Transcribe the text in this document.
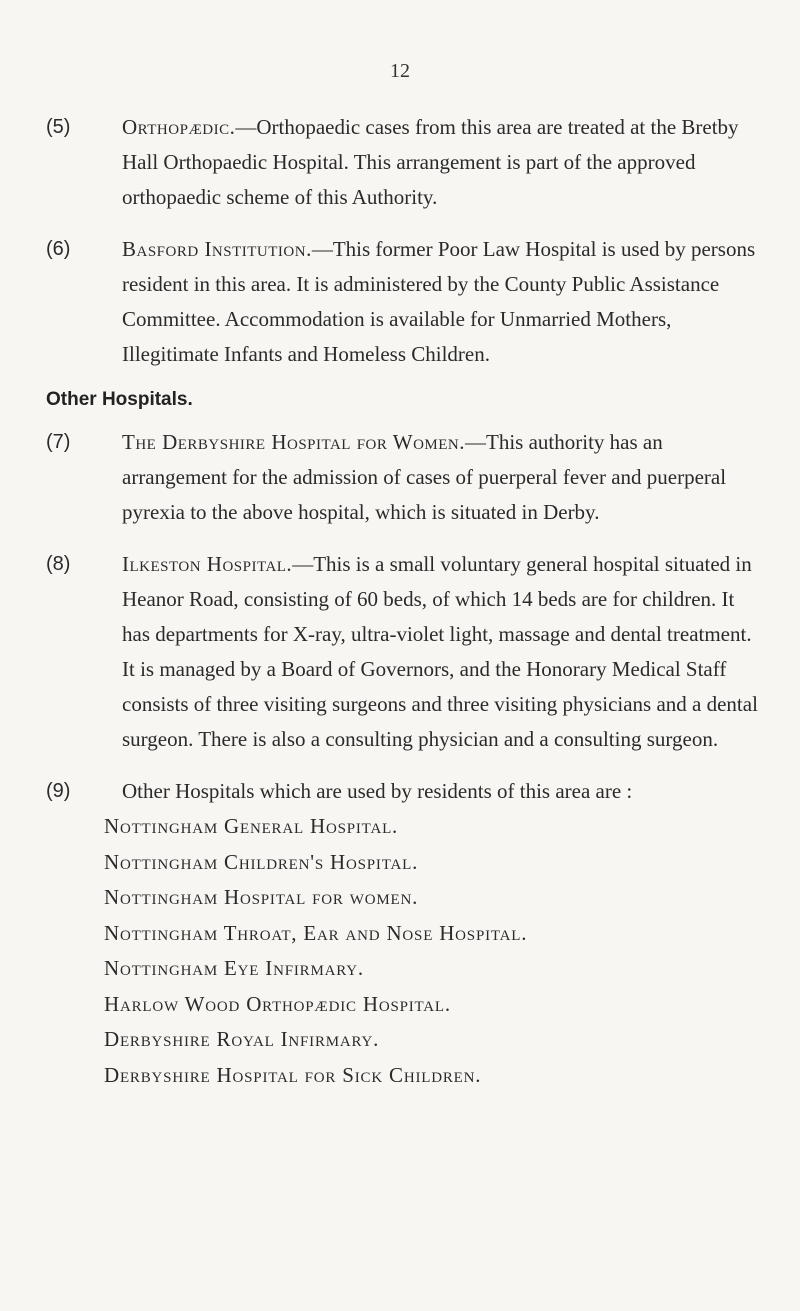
12
(5)	Orthopædic.—Orthopaedic cases from this area are treated at the Bretby Hall Orthopaedic Hospital. This arrangement is part of the approved orthopaedic scheme of this Authority.
(6)	Basford Institution.—This former Poor Law Hospital is used by persons resident in this area. It is administered by the County Public Assistance Committee. Accommodation is available for Unmarried Mothers, Illegitimate Infants and Homeless Children.
Other Hospitals.
(7)	The Derbyshire Hospital for Women.—This authority has an arrangement for the admission of cases of puerperal fever and puerperal pyrexia to the above hospital, which is situated in Derby.
(8)	Ilkeston Hospital.—This is a small voluntary general hospital situated in Heanor Road, consisting of 60 beds, of which 14 beds are for children. It has departments for X-ray, ultra-violet light, massage and dental treatment. It is managed by a Board of Governors, and the Honorary Medical Staff consists of three visiting surgeons and three visiting physicians and a dental surgeon. There is also a consulting physician and a consulting surgeon.
(9)	Other Hospitals which are used by residents of this area are :
Nottingham General Hospital.
Nottingham Children's Hospital.
Nottingham Hospital for women.
Nottingham Throat, Ear and Nose Hospital.
Nottingham Eye Infirmary.
Harlow Wood Orthopædic Hospital.
Derbyshire Royal Infirmary.
Derbyshire Hospital for Sick Children.
